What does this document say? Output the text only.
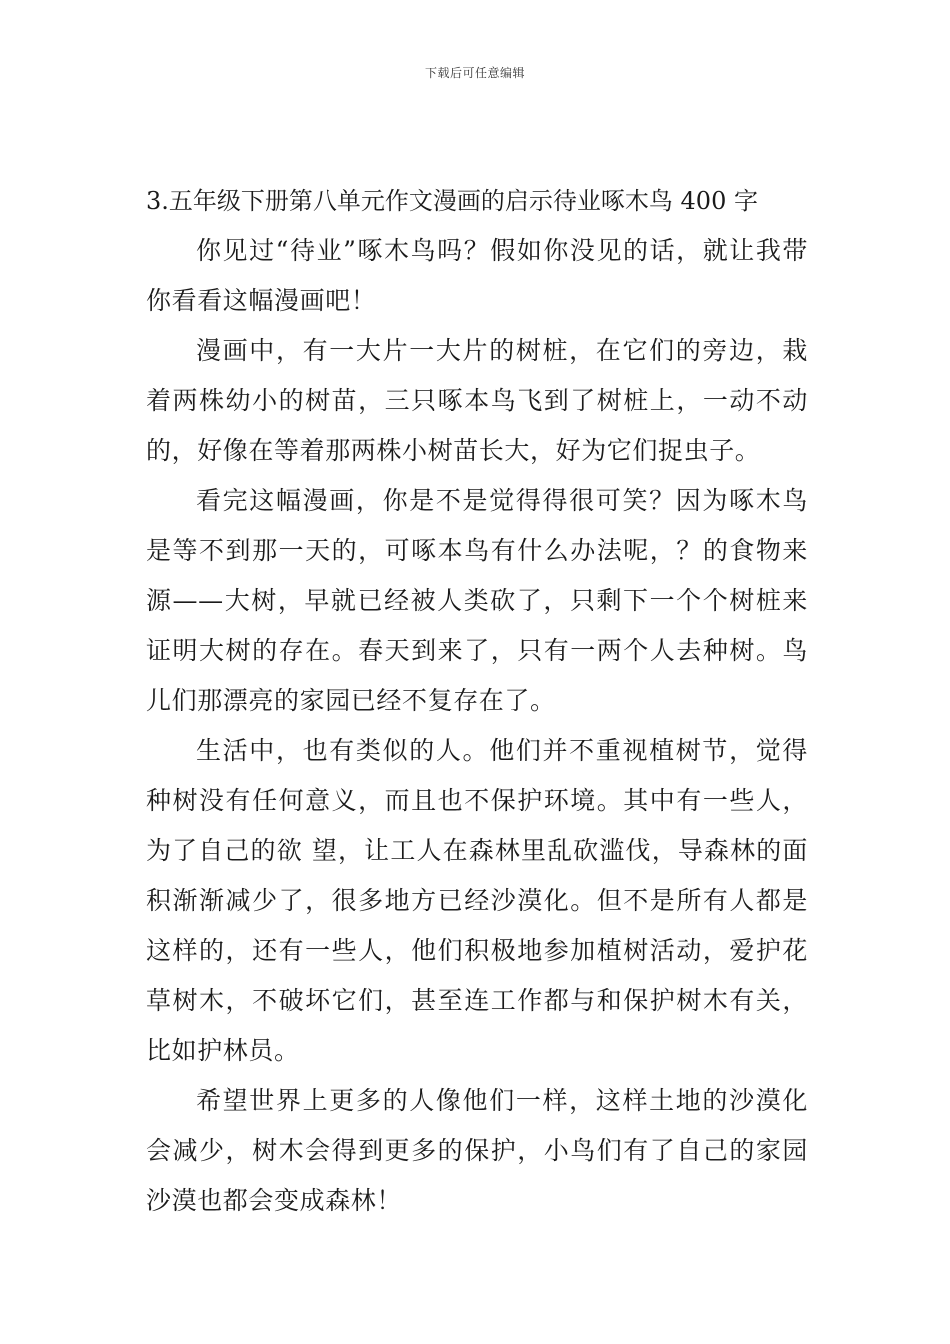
下载后可任意编辑
3.五年级下册第八单元作文漫画的启示待业啄木鸟 400 字

你见过“待业”啄木鸟吗？假如你没见的话，就让我带你看看这幅漫画吧！

漫画中，有一大片一大片的树桩，在它们的旁边，栽着两株幼小的树苗，三只啄本鸟飞到了树桩上，一动不动的，好像在等着那两株小树苗长大，好为它们捉虫子。

看完这幅漫画，你是不是觉得得很可笑？因为啄木鸟是等不到那一天的，可啄本鸟有什么办法呢，？的食物来源——大树，早就已经被人类砍了，只剩下一个个树桩来证明大树的存在。春天到来了，只有一两个人去种树。鸟儿们那漂亮的家园已经不复存在了。

生活中，也有类似的人。他们并不重视植树节，觉得种树没有任何意义，而且也不保护环境。其中有一些人，为了自己的欲 望，让工人在森林里乱砍滥伐，导森林的面积渐渐减少了，很多地方已经沙漠化。但不是所有人都是这样的，还有一些人，他们积极地参加植树活动，爱护花草树木，不破坏它们，甚至连工作都与和保护树木有关，比如护林员。

希望世界上更多的人像他们一样，这样土地的沙漠化会减少，树木会得到更多的保护，小鸟们有了自己的家园沙漠也都会变成森林！
